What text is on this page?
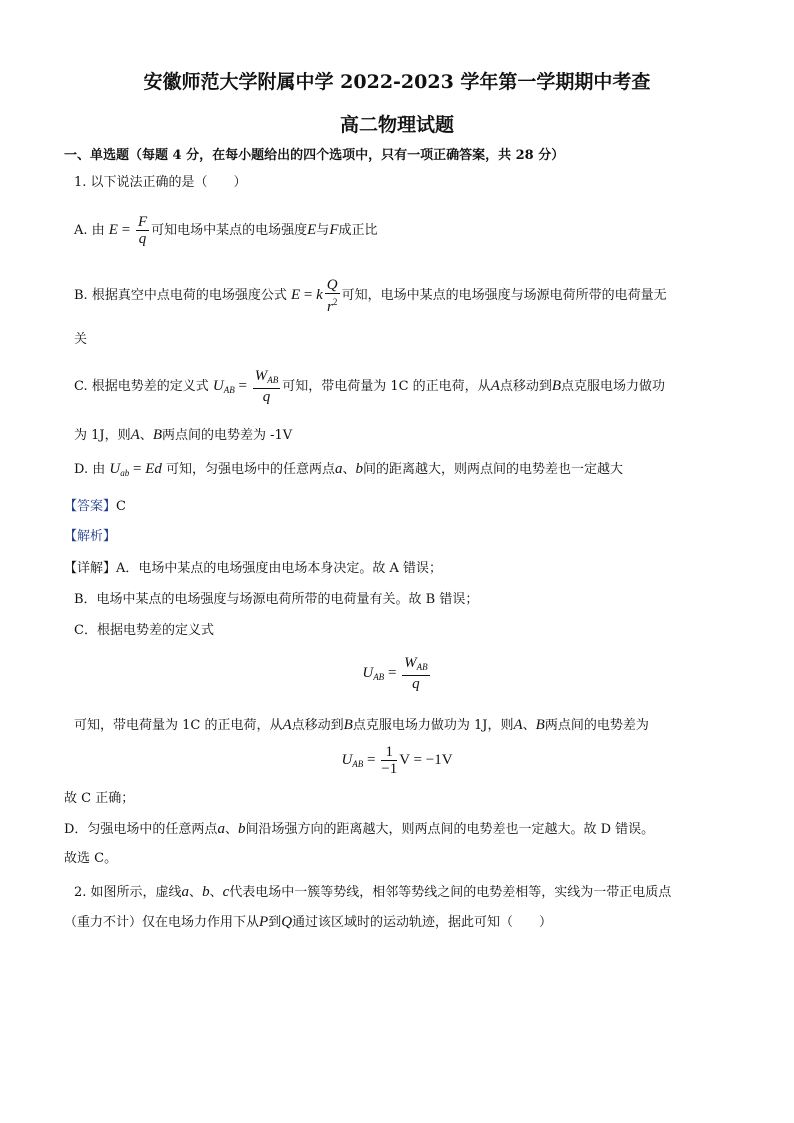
安徽师范大学附属中学 2022-2023 学年第一学期期中考查
高二物理试题
一、单选题（每题 4 分，在每小题给出的四个选项中，只有一项正确答案，共 28 分）
1. 以下说法正确的是（　　）
A. 由 $E = \frac{F}{q}$ 可知电场中某点的电场强度E与F成正比
B. 根据真空中点电荷的电场强度公式 E = k $\frac{Q}{r^2}$ 可知，电场中某点的电场强度与场源电荷所带的电荷量无
关
C. 根据电势差的定义式 $U_{AB} = \frac{W_{AB}}{q}$ 可知，带电荷量为 1C 的正电荷，从A点移动到B点克服电场力做功
为 1J，则A、B两点间的电势差为 -1V
D. 由 $U_{ab} = Ed$ 可知，匀强电场中的任意两点a、b间的距离越大，则两点间的电势差也一定越大
【答案】C
【解析】
【详解】A．电场中某点的电场强度由电场本身决定。故 A 错误；
B．电场中某点的电场强度与场源电荷所带的电荷量有关。故 B 错误；
C．根据电势差的定义式
$U_{AB} = \frac{W_{AB}}{q}$
可知，带电荷量为 1C 的正电荷，从A点移动到B点克服电场力做功为 1J，则A、B两点间的电势差为
$U_{AB} = \frac{1}{-1}$ V = −1V
故 C 正确；
D．匀强电场中的任意两点a、b间沿场强方向的距离越大，则两点间的电势差也一定越大。故 D 错误。
故选 C。
2. 如图所示，虚线a、b、c代表电场中一簇等势线，相邻等势线之间的电势差相等，实线为一带正电质点
（重力不计）仅在电场力作用下从P到Q通过该区域时的运动轨迹，据此可知（　　）
